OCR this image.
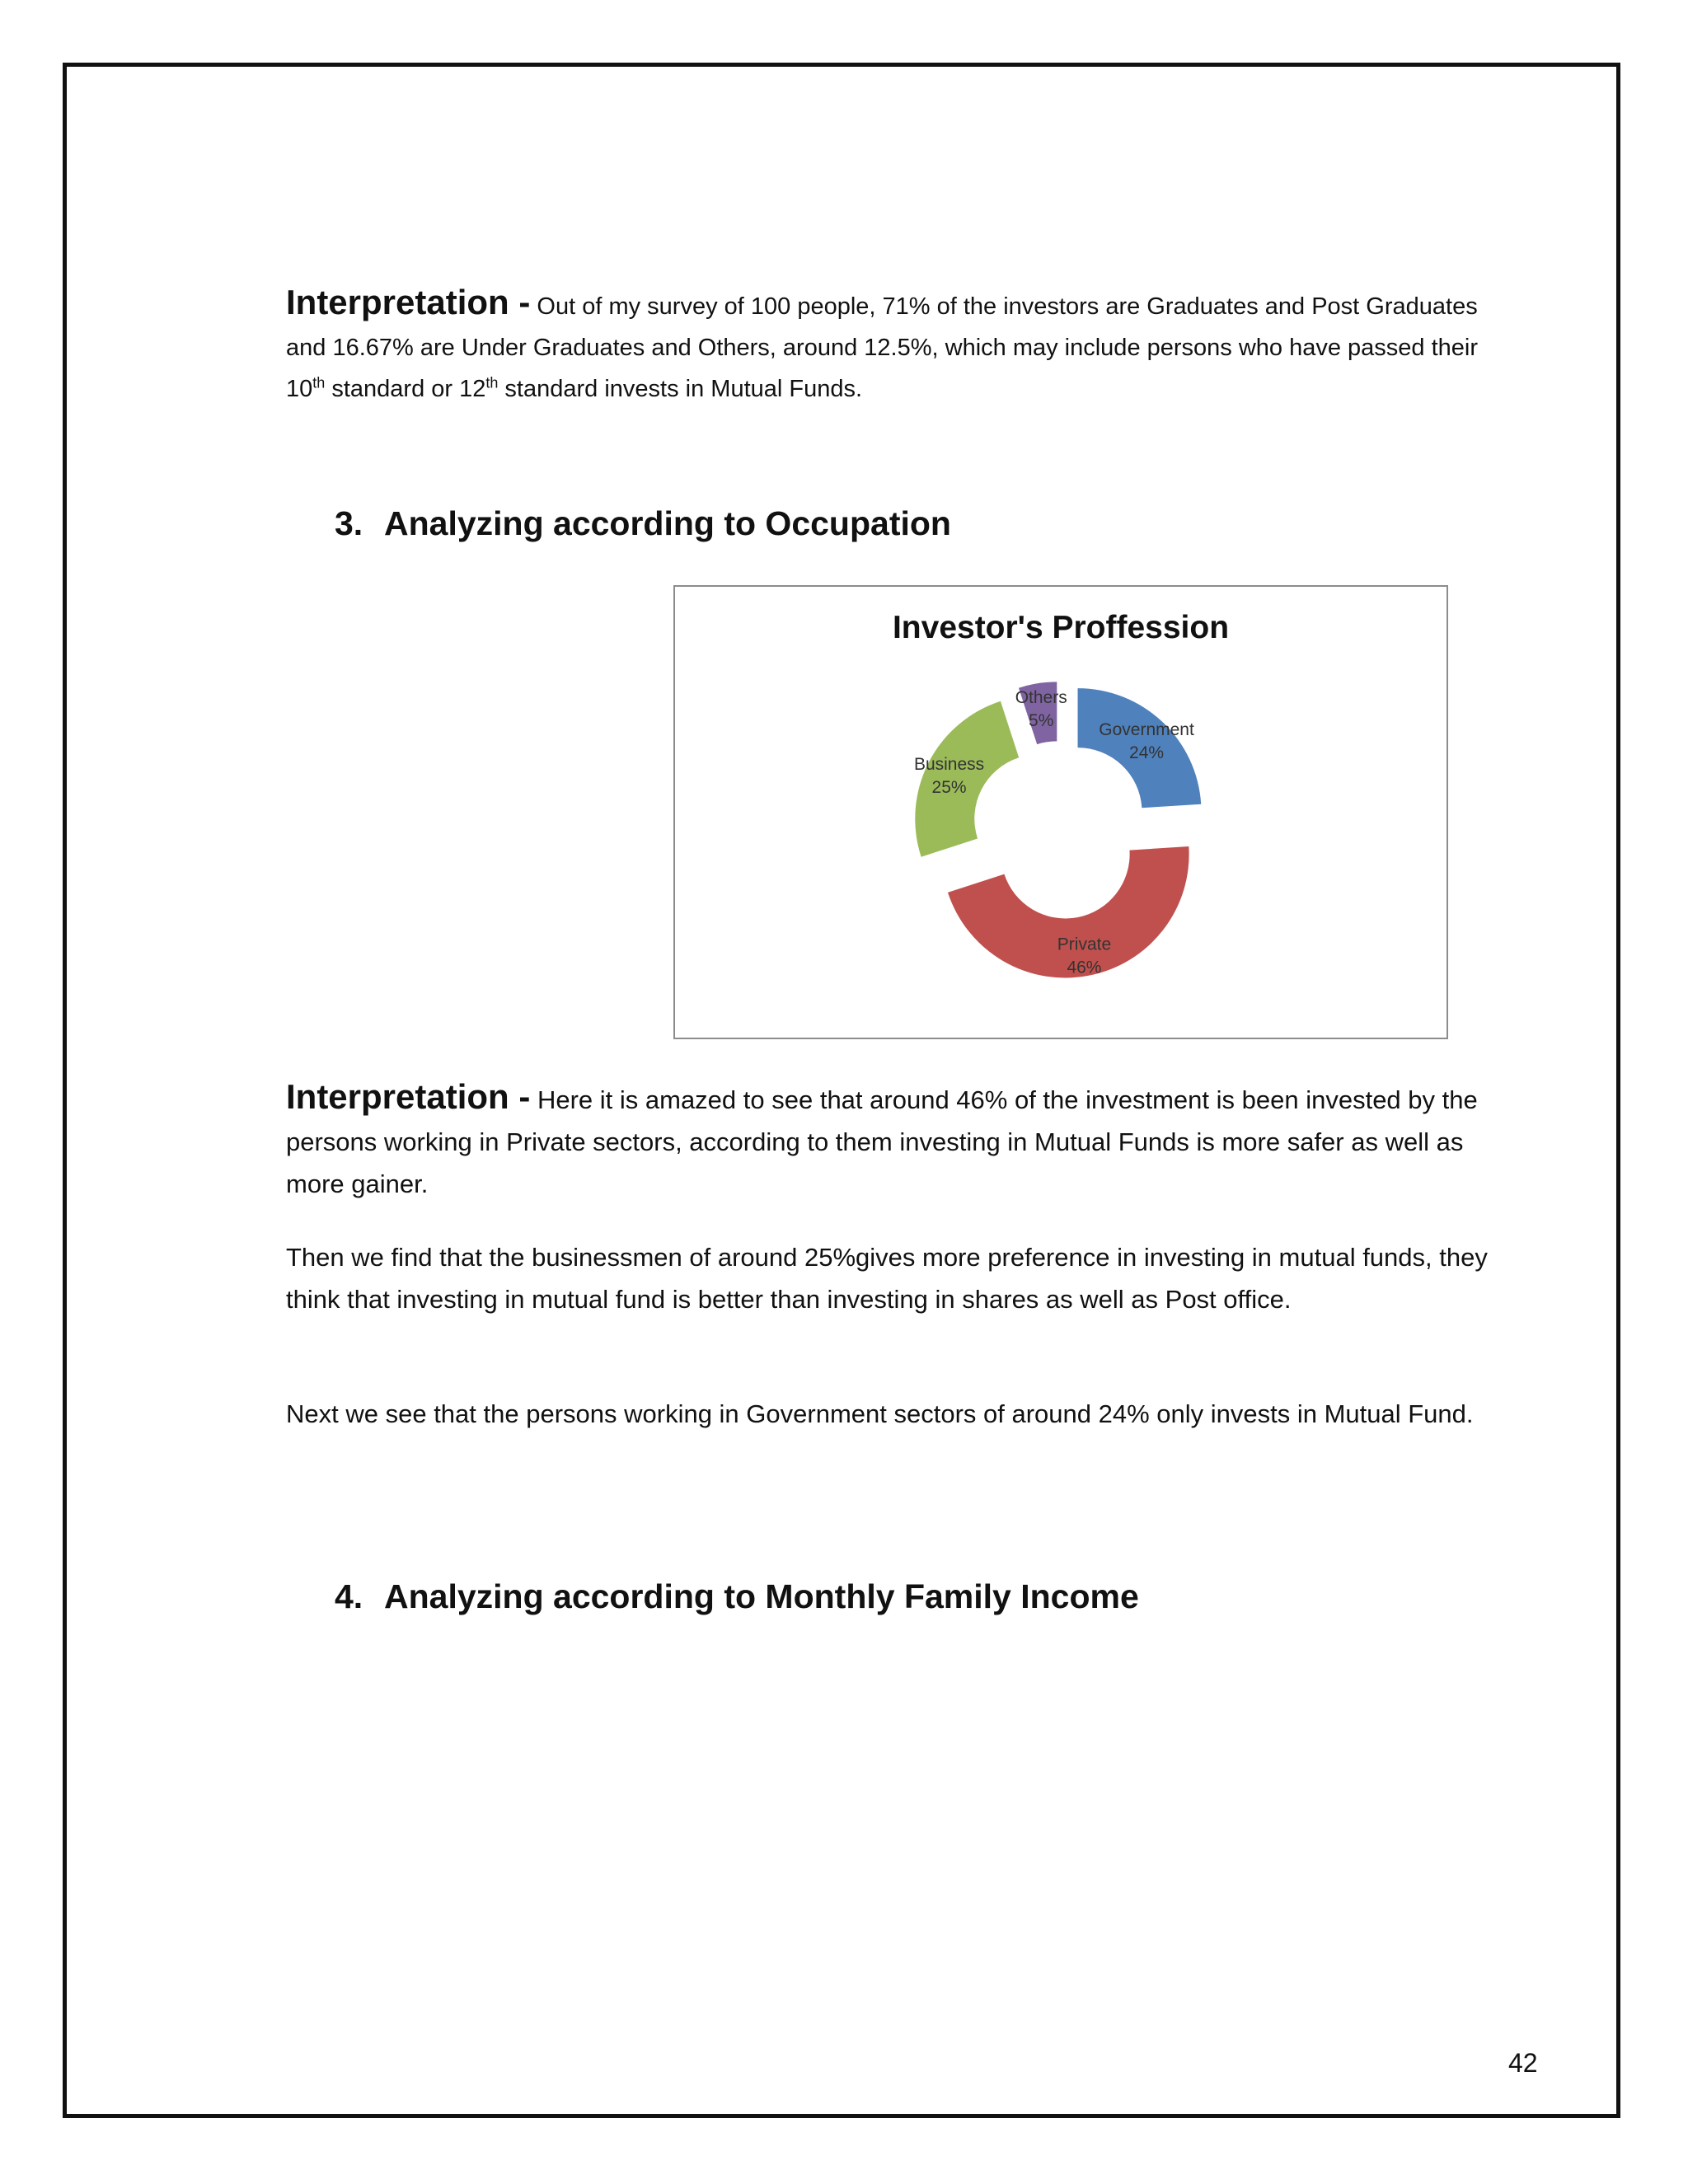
Interpretation - Out of my survey of 100 people, 71% of the investors are Graduates and Post Graduates and 16.67% are Under Graduates and Others, around 12.5%, which may include persons who have passed their 10th standard or 12th standard invests in Mutual Funds.

3. Analyzing according to Occupation
Investor's Proffession
Government
24%
Private
46%
Business
25%
Others
5%

Interpretation - Here it is amazed to see that around 46% of the investment is been invested by the persons working in Private sectors, according to them investing in Mutual Funds is more safer as well as more gainer.

Then we find that the businessmen of around 25%gives more preference in investing in mutual funds, they think that investing in mutual fund is better than investing in shares as well as Post office.

Next we see that the persons working in Government sectors of around 24% only invests in Mutual Fund.

4. Analyzing according to Monthly Family Income
42
